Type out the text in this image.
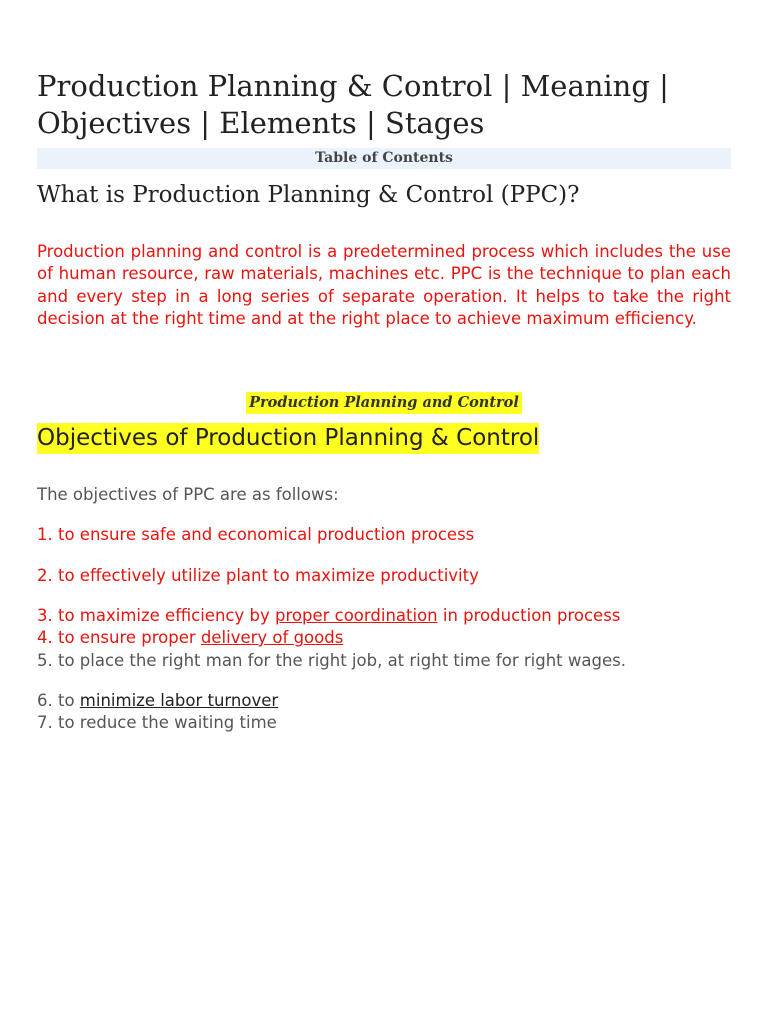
Production Planning & Control | Meaning | Objectives | Elements | Stages
Table of Contents
What is Production Planning & Control (PPC)?

Production planning and control is a predetermined process which includes the use of human resource, raw materials, machines etc. PPC is the technique to plan each and every step in a long series of separate operation. It helps to take the right decision at the right time and at the right place to achieve maximum efficiency.

Production Planning and Control
Objectives of Production Planning & Control

The objectives of PPC are as follows:

1. to ensure safe and economical production process

2. to effectively utilize plant to maximize productivity

3. to maximize efficiency by proper coordination in production process

4. to ensure proper delivery of goods

5. to place the right man for the right job, at right time for right wages.

6. to minimize labor turnover

7. to reduce the waiting time
